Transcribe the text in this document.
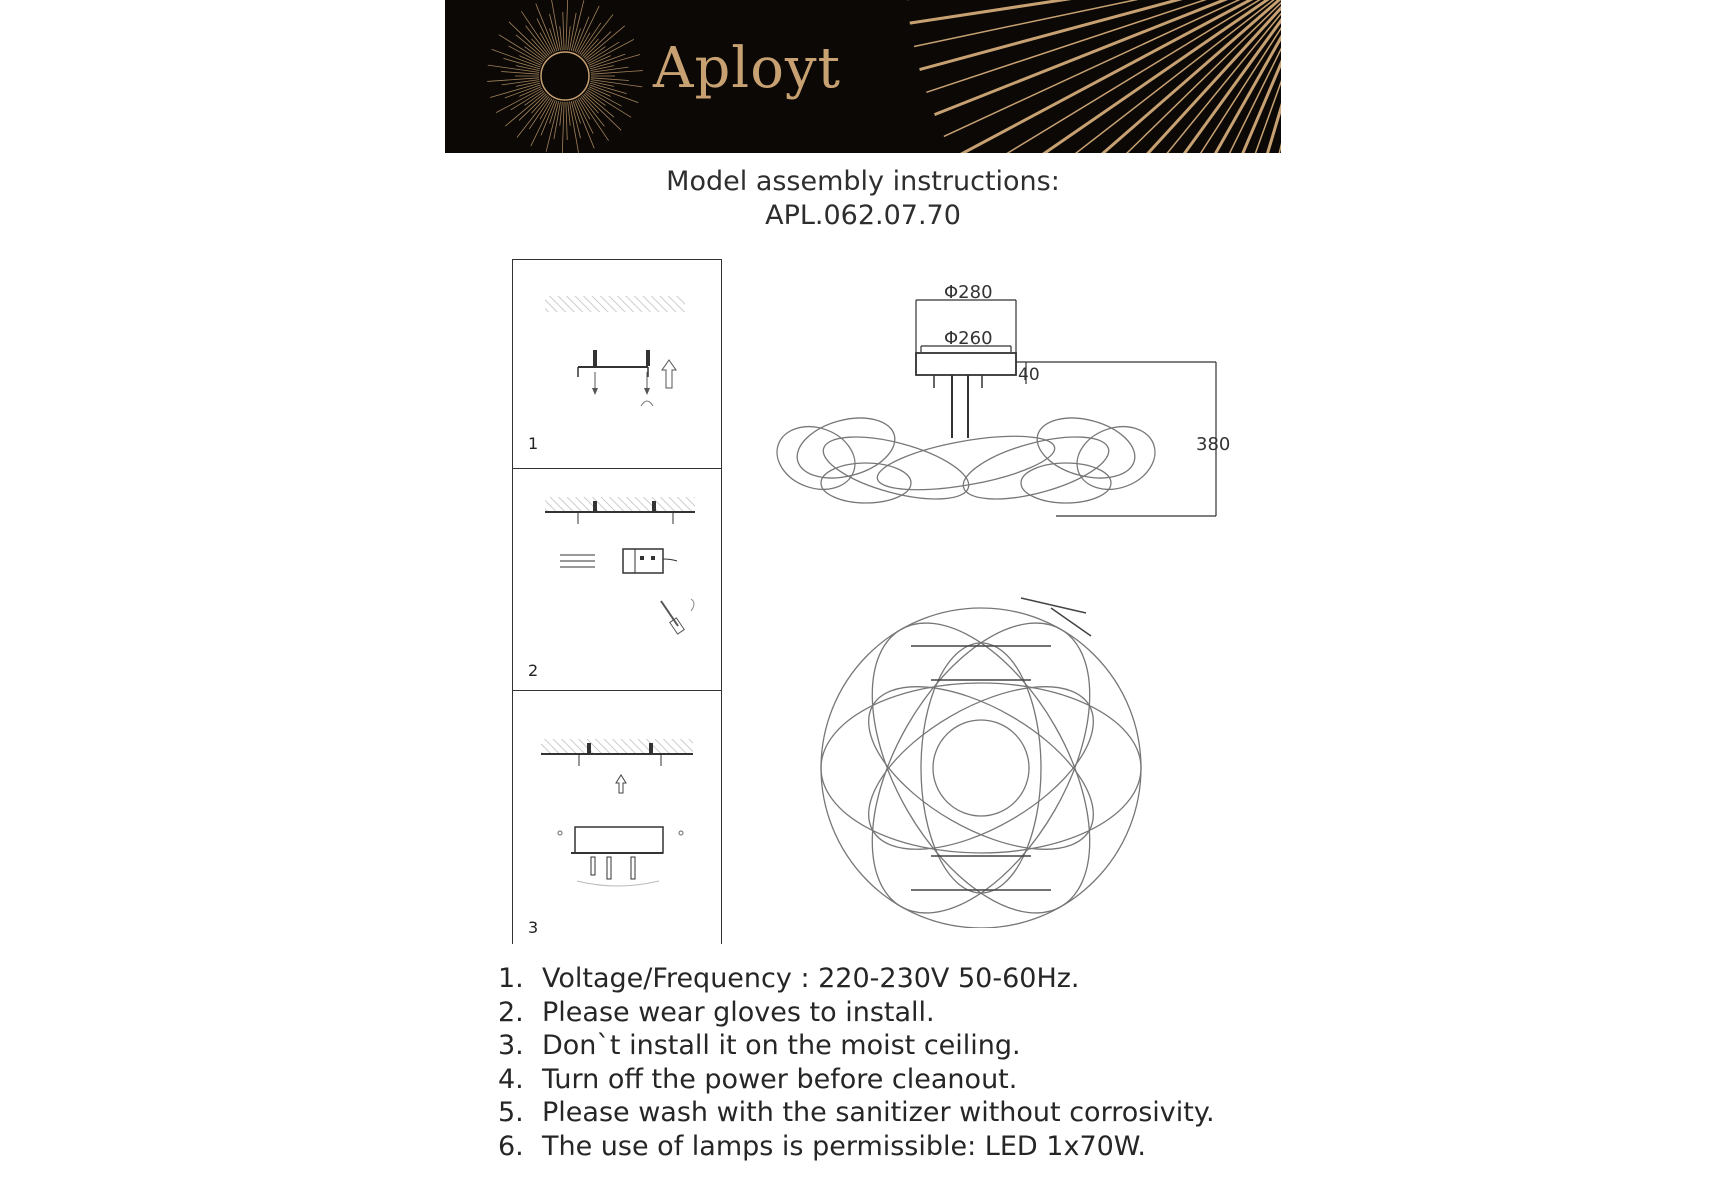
Aployt
Model assembly instructions:
APL.062.07.70
1
2
3
Φ280
Φ260
40
380
1. Voltage/Frequency : 220-230V 50-60Hz.
2. Please wear gloves to install.
3. Don`t install it on the moist ceiling.
4. Turn off the power before cleanout.
5. Please wash with the sanitizer without corrosivity.
6. The use of lamps is permissible: LED 1x70W.
